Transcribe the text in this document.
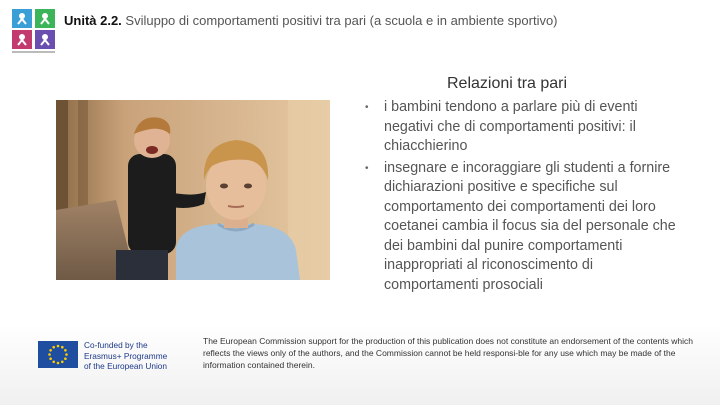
Unità 2.2. Sviluppo di comportamenti positivi tra pari (a scuola e in ambiente sportivo)
Relazioni tra pari
• i bambini tendono a parlare più di eventi negativi che di comportamenti positivi: il chiacchierino
• insegnare e incoraggiare gli studenti a fornire dichiarazioni positive e specifiche sul comportamento dei comportamenti dei loro coetanei cambia il focus sia del personale che dei bambini dal punire comportamenti inappropriati al riconoscimento di comportamenti prosociali
Co-funded by the
Erasmus+ Programme
of the European Union
The European Commission support for the production of this publication does not constitute an endorsement of the contents which reflects the views only of the authors, and the Commission cannot be held responsi-ble for any use which may be made of the information contained therein.
